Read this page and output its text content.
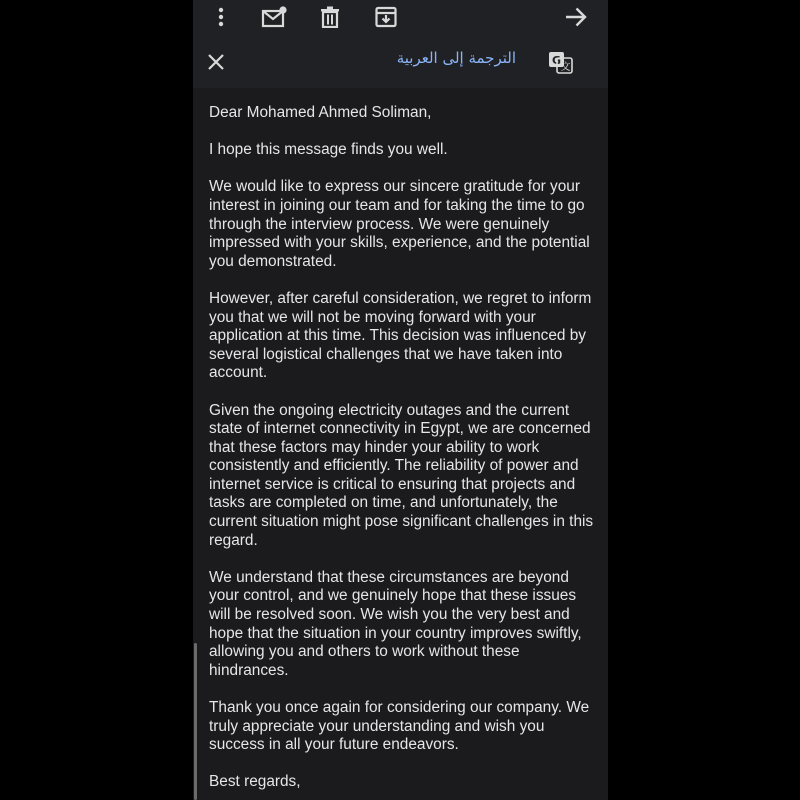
الترجمة إلى العربية	G
文

Dear Mohamed Ahmed Soliman,

I hope this message finds you well.

We would like to express our sincere gratitude for your interest in joining our team and for taking the time to go through the interview process. We were genuinely impressed with your skills, experience, and the potential you demonstrated.

However, after careful consideration, we regret to inform you that we will not be moving forward with your application at this time. This decision was influenced by several logistical challenges that we have taken into account.

Given the ongoing electricity outages and the current state of internet connectivity in Egypt, we are concerned that these factors may hinder your ability to work consistently and efficiently. The reliability of power and internet service is critical to ensuring that projects and tasks are completed on time, and unfortunately, the current situation might pose significant challenges in this regard.

We understand that these circumstances are beyond your control, and we genuinely hope that these issues will be resolved soon. We wish you the very best and hope that the situation in your country improves swiftly, allowing you and others to work without these hindrances.

Thank you once again for considering our company. We truly appreciate your understanding and wish you success in all your future endeavors.

Best regards,
